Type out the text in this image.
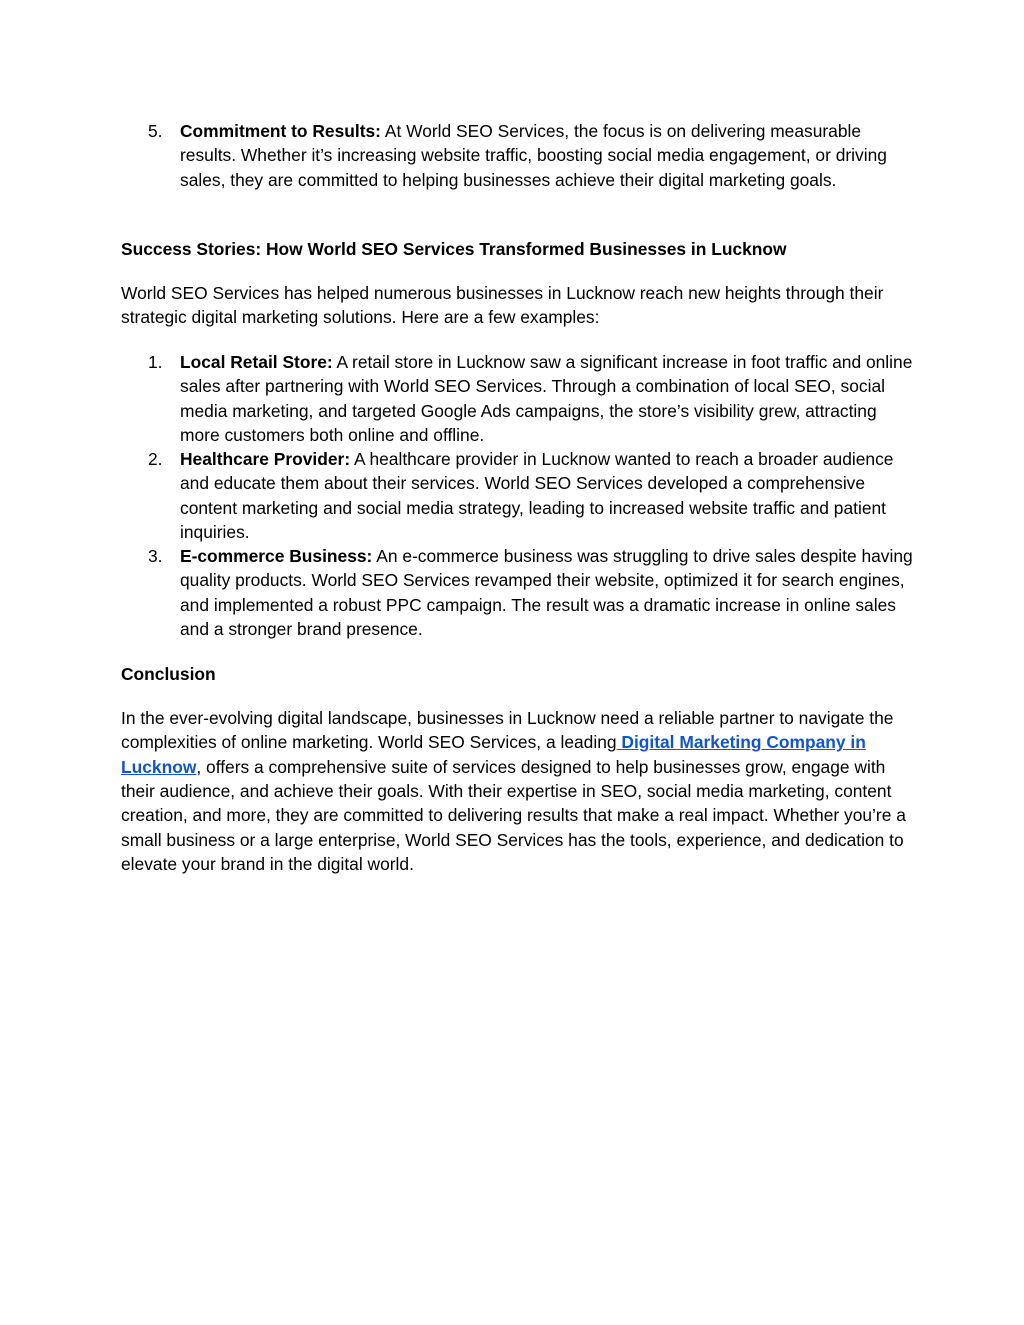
5. Commitment to Results: At World SEO Services, the focus is on delivering measurable results. Whether it’s increasing website traffic, boosting social media engagement, or driving sales, they are committed to helping businesses achieve their digital marketing goals.
Success Stories: How World SEO Services Transformed Businesses in Lucknow
World SEO Services has helped numerous businesses in Lucknow reach new heights through their strategic digital marketing solutions. Here are a few examples:
1. Local Retail Store: A retail store in Lucknow saw a significant increase in foot traffic and online sales after partnering with World SEO Services. Through a combination of local SEO, social media marketing, and targeted Google Ads campaigns, the store’s visibility grew, attracting more customers both online and offline.
2. Healthcare Provider: A healthcare provider in Lucknow wanted to reach a broader audience and educate them about their services. World SEO Services developed a comprehensive content marketing and social media strategy, leading to increased website traffic and patient inquiries.
3. E-commerce Business: An e-commerce business was struggling to drive sales despite having quality products. World SEO Services revamped their website, optimized it for search engines, and implemented a robust PPC campaign. The result was a dramatic increase in online sales and a stronger brand presence.
Conclusion
In the ever-evolving digital landscape, businesses in Lucknow need a reliable partner to navigate the complexities of online marketing. World SEO Services, a leading Digital Marketing Company in Lucknow, offers a comprehensive suite of services designed to help businesses grow, engage with their audience, and achieve their goals. With their expertise in SEO, social media marketing, content creation, and more, they are committed to delivering results that make a real impact. Whether you’re a small business or a large enterprise, World SEO Services has the tools, experience, and dedication to elevate your brand in the digital world.
